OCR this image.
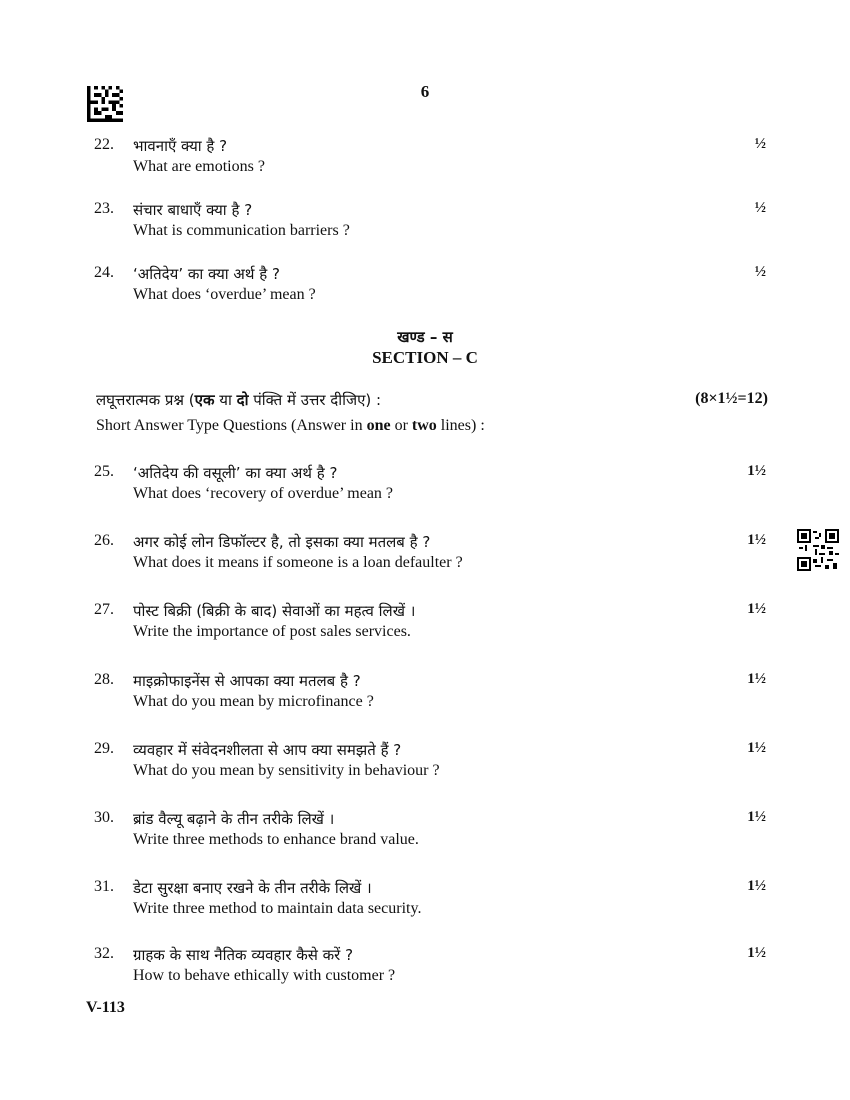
6
22. भावनाएँ क्या है ?
What are emotions ?
½
23. संचार बाधाएँ क्या है ?
What is communication barriers ?
½
24. ‘अतिदेय’ का क्या अर्थ है ?
What does ‘overdue’ mean ?
½
खण्ड – स
SECTION – C
लघूत्तरात्मक प्रश्न (एक या दो पंक्ति में उत्तर दीजिए) :	(8×1½=12)
Short Answer Type Questions (Answer in one or two lines) :
25. ‘अतिदेय की वसूली’ का क्या अर्थ है ?
What does ‘recovery of overdue’ mean ?
1½
26. अगर कोई लोन डिफॉल्टर है, तो इसका क्या मतलब है ?
What does it means if someone is a loan defaulter ?
1½
27. पोस्ट बिक्री (बिक्री के बाद) सेवाओं का महत्व लिखें ।
Write the importance of post sales services.
1½
28. माइक्रोफाइनेंस से आपका क्या मतलब है ?
What do you mean by microfinance ?
1½
29. व्यवहार में संवेदनशीलता से आप क्या समझते हैं ?
What do you mean by sensitivity in behaviour ?
1½
30. ब्रांड वैल्यू बढ़ाने के तीन तरीके लिखें ।
Write three methods to enhance brand value.
1½
31. डेटा सुरक्षा बनाए रखने के तीन तरीके लिखें ।
Write three method to maintain data security.
1½
32. ग्राहक के साथ नैतिक व्यवहार कैसे करें ?
How to behave ethically with customer ?
1½
V-113
